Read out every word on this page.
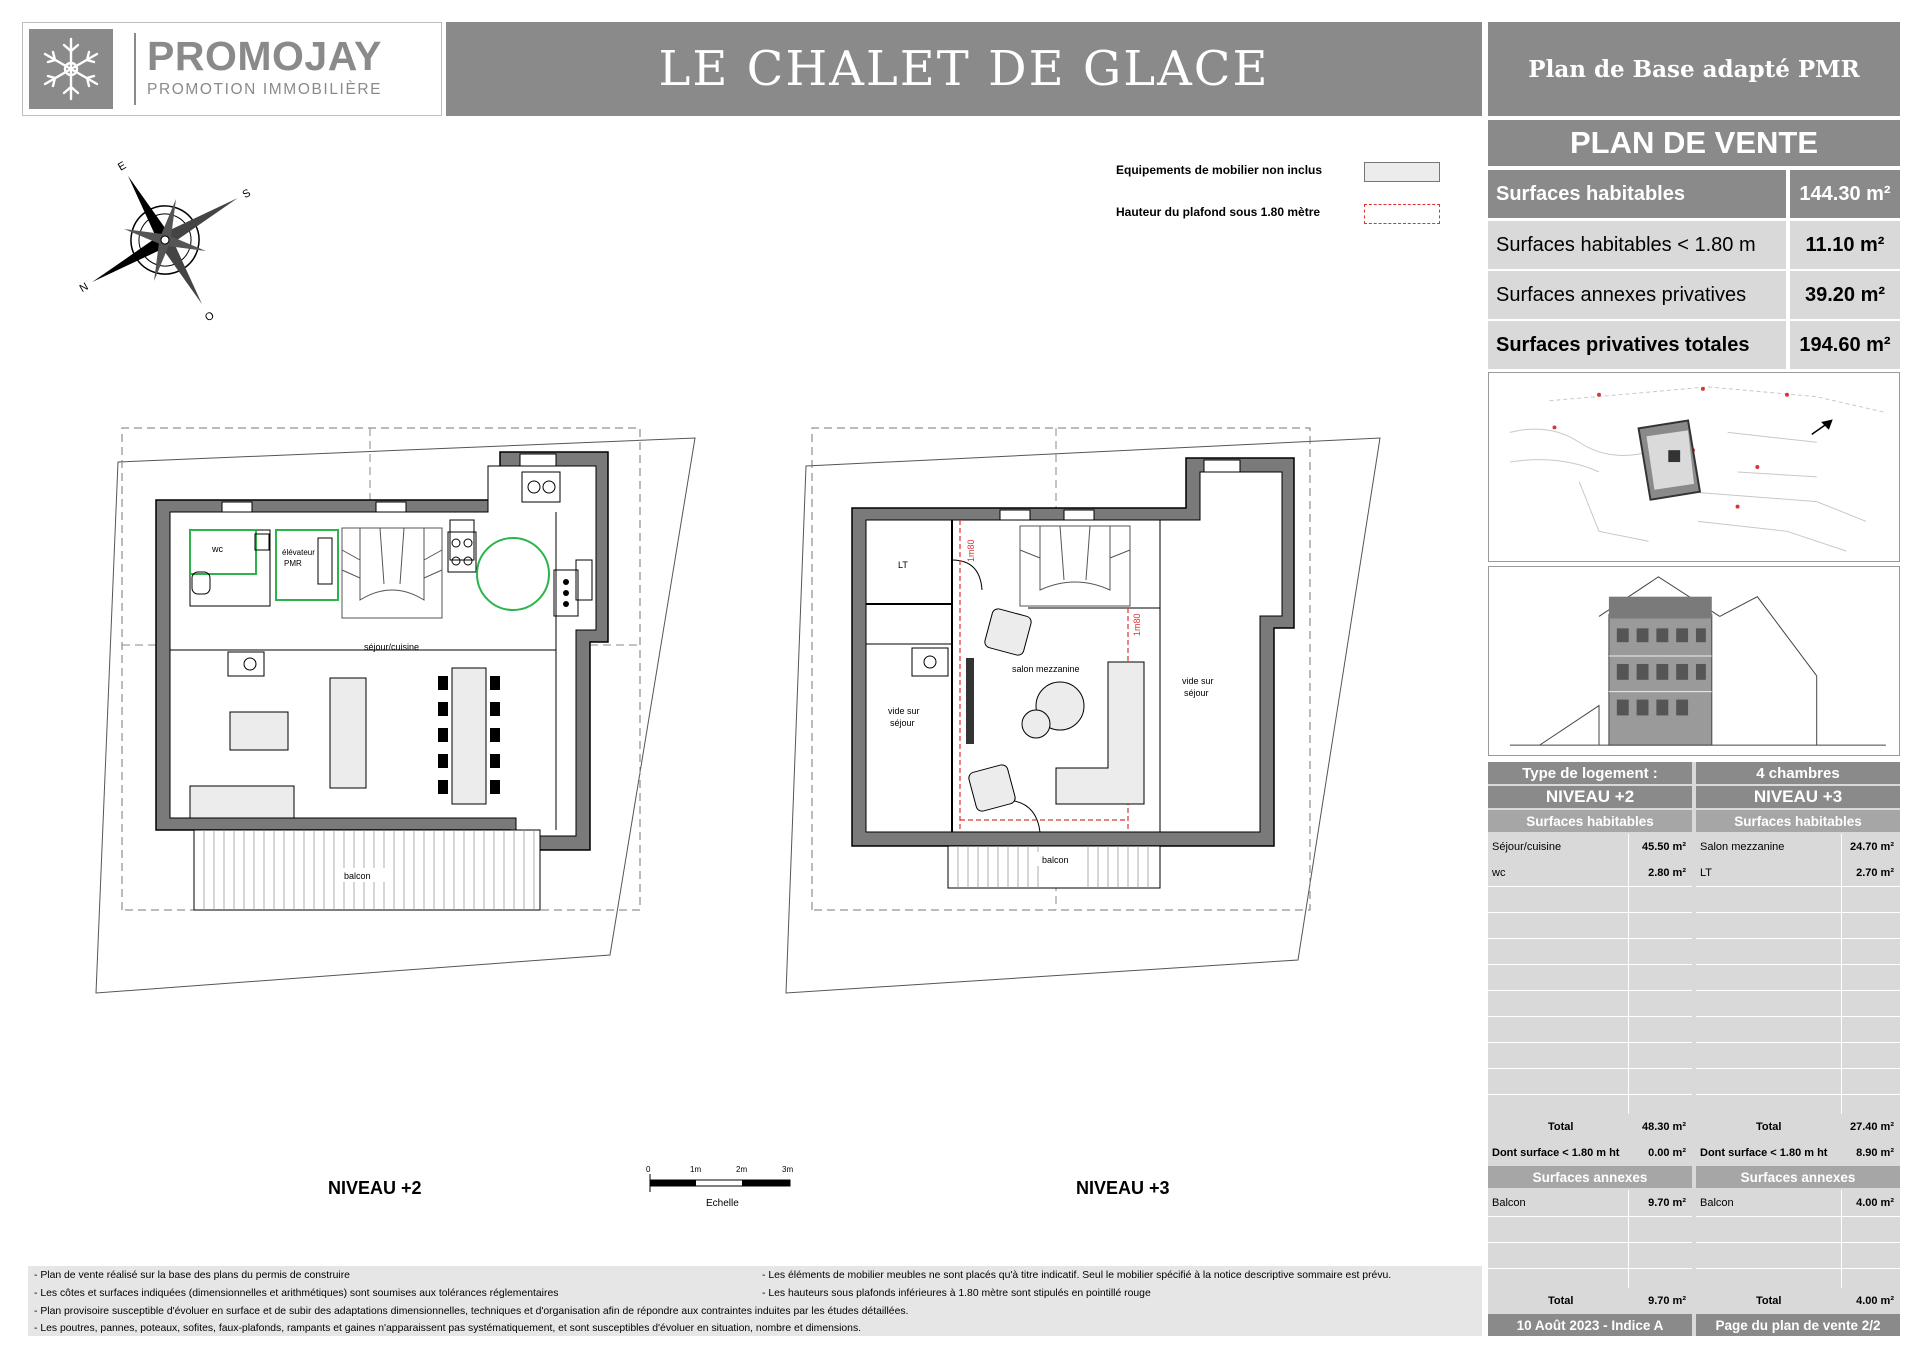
PROMOJAY
PROMOTION IMMOBILIÈRE	LE CHALET DE GLACE	Plan de Base adapté PMR
PLAN DE VENTE
Surfaces habitables	144.30 m²
Surfaces habitables < 1.80 m	11.10 m²
Surfaces annexes privatives	39.20 m²
Surfaces privatives totales	194.60 m²
Type de logement :
NIVEAU +2
Surfaces habitables
Séjour/cuisine	45.50 m²
wc	2.80 m²
Total	48.30 m²
Dont surface < 1.80 m ht	0.00 m²
Surfaces annexes
Balcon	9.70 m²
Total	9.70 m²
10 Août 2023 - Indice A
4 chambres
NIVEAU +3
Surfaces habitables
Salon mezzanine	24.70 m²
LT	2.70 m²
Total	27.40 m²
Dont surface < 1.80 m ht	8.90 m²
Surfaces annexes
Balcon	4.00 m²
Total	4.00 m²
Page du plan de vente 2/2
Equipements de mobilier non inclus
Hauteur du plafond sous 1.80 mètre
E
O
N
S
wc	élévateur
PMR
séjour/cuisine
balcon
1m80
1m80
LT
salon mezzanine
vide sur
séjour
vide sur
séjour
balcon
0	1m	2m	3m
Echelle
NIVEAU +2	NIVEAU +3
- Plan de vente réalisé sur la base des plans du permis de construire
- Les côtes et surfaces indiquées (dimensionnelles et arithmétiques) sont soumises aux tolérances réglementaires
- Plan provisoire susceptible d'évoluer en surface et de subir des adaptations dimensionnelles, techniques et d'organisation afin de répondre aux contraintes induites par les études détaillées.
- Les poutres, pannes, poteaux, sofites, faux-plafonds, rampants et gaines n'apparaissent pas systématiquement, et sont susceptibles d'évoluer en situation, nombre et dimensions.
- Les éléments de mobilier meubles ne sont placés qu'à titre indicatif. Seul le mobilier spécifié à la notice descriptive sommaire est prévu.
- Les hauteurs sous plafonds inférieures à 1.80 mètre sont stipulés en pointillé rouge
